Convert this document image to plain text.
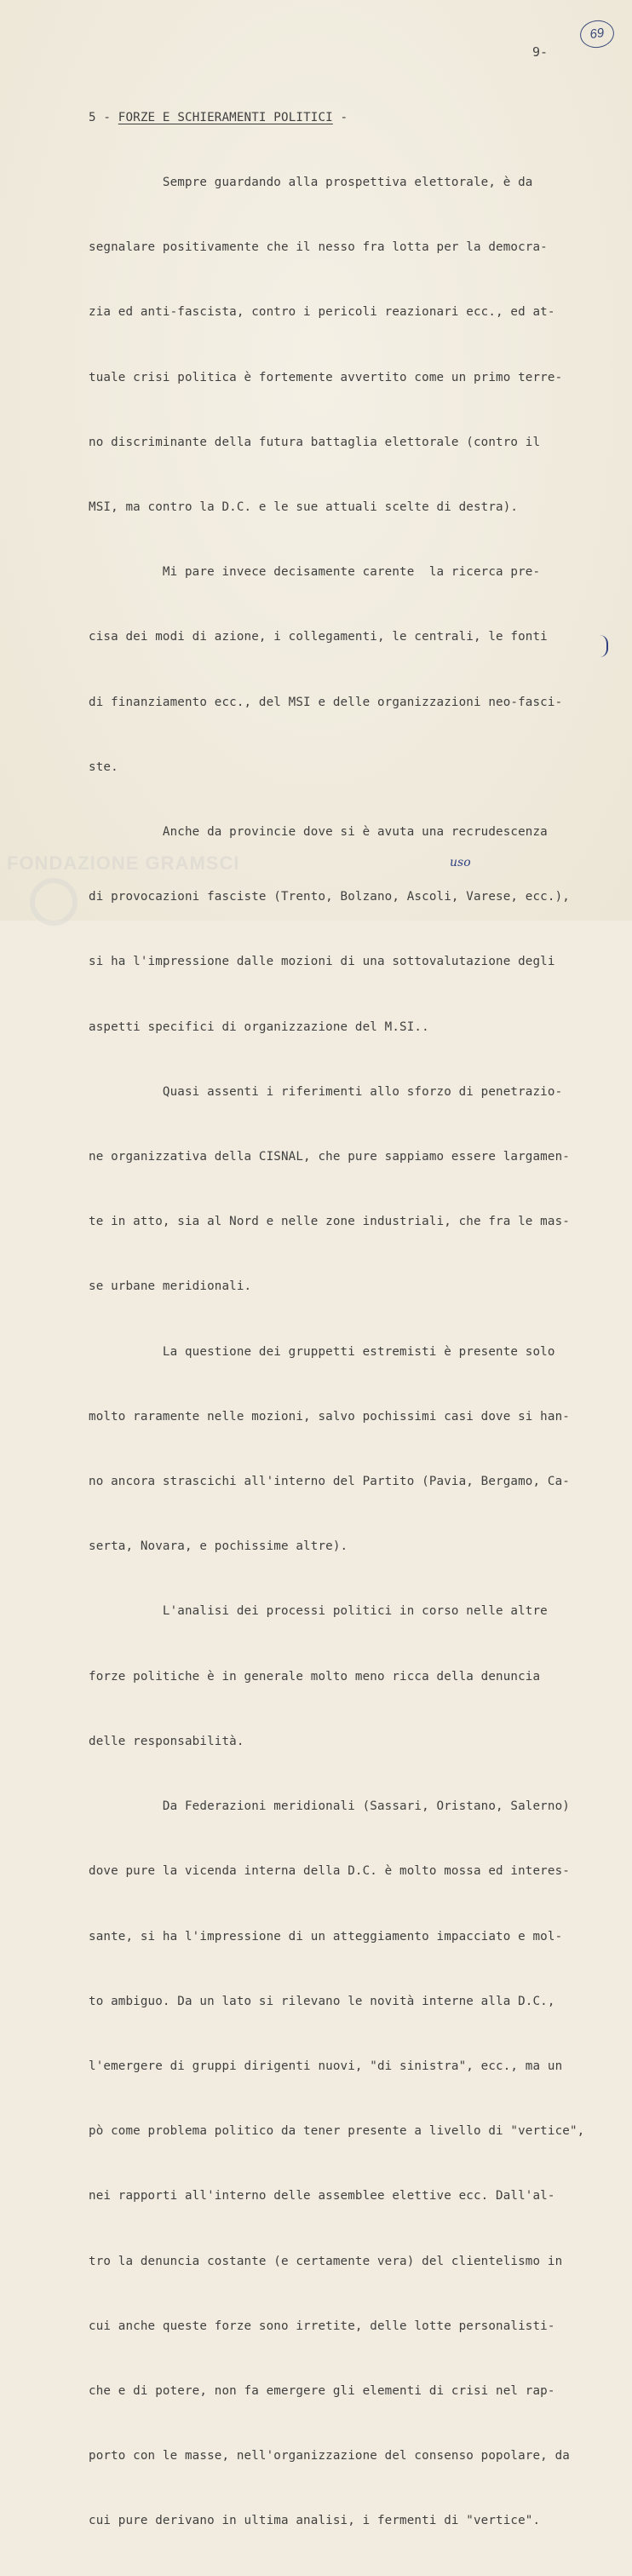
69
9-

5 - FORZE E SCHIERAMENTI POLITICI -

Sempre guardando alla prospettiva elettorale, è da

segnalare positivamente che il nesso fra lotta per la democra-

zia ed anti-fascista, contro i pericoli reazionari ecc., ed at-

tuale crisi politica è fortemente avvertito come un primo terre-

no discriminante della futura battaglia elettorale (contro il

MSI, ma contro la D.C. e le sue attuali scelte di destra).

Mi pare invece decisamente carente  la ricerca pre-

cisa dei modi di azione, i collegamenti, le centrali, le fonti

di finanziamento ecc., del MSI e delle organizzazioni neo-fasci-

ste.

Anche da provincie dove si è avuta una recrudescenza

di provocazioni fasciste (Trento, Bolzano, Ascoli, Varese, ecc.),

si ha l'impressione dalle mozioni di una sottovalutazione degli

aspetti specifici di organizzazione del M.SI..

Quasi assenti i riferimenti allo sforzo di penetrazio-

ne organizzativa della CISNAL, che pure sappiamo essere largamen-

te in atto, sia al Nord e nelle zone industriali, che fra le mas-

se urbane meridionali.

La questione dei gruppetti estremisti è presente solo

molto raramente nelle mozioni, salvo pochissimi casi dove si han-

no ancora strascichi all'interno del Partito (Pavia, Bergamo, Ca-

serta, Novara, e pochissime altre).

L'analisi dei processi politici in corso nelle altre

forze politiche è in generale molto meno ricca della denuncia

delle responsabilità.

Da Federazioni meridionali (Sassari, Oristano, Salerno)

dove pure la vicenda interna della D.C. è molto mossa ed interes-

sante, si ha l'impressione di un atteggiamento impacciato e mol-

to ambiguo. Da un lato si rilevano le novità interne alla D.C.,

l'emergere di gruppi dirigenti nuovi, "di sinistra", ecc., ma un

pò come problema politico da tener presente a livello di "vertice",

nei rapporti all'interno delle assemblee elettive ecc. Dall'al-

tro la denuncia costante (e certamente vera) del clientelismo in

cui anche queste forze sono irretite, delle lotte personalisti-

che e di potere, non fa emergere gli elementi di crisi nel rap-

porto con le masse, nell'organizzazione del consenso popolare, da

cui pure derivano in ultima analisi, i fermenti di "vertice".

uso
FONDAZIONE GRAMSCI
